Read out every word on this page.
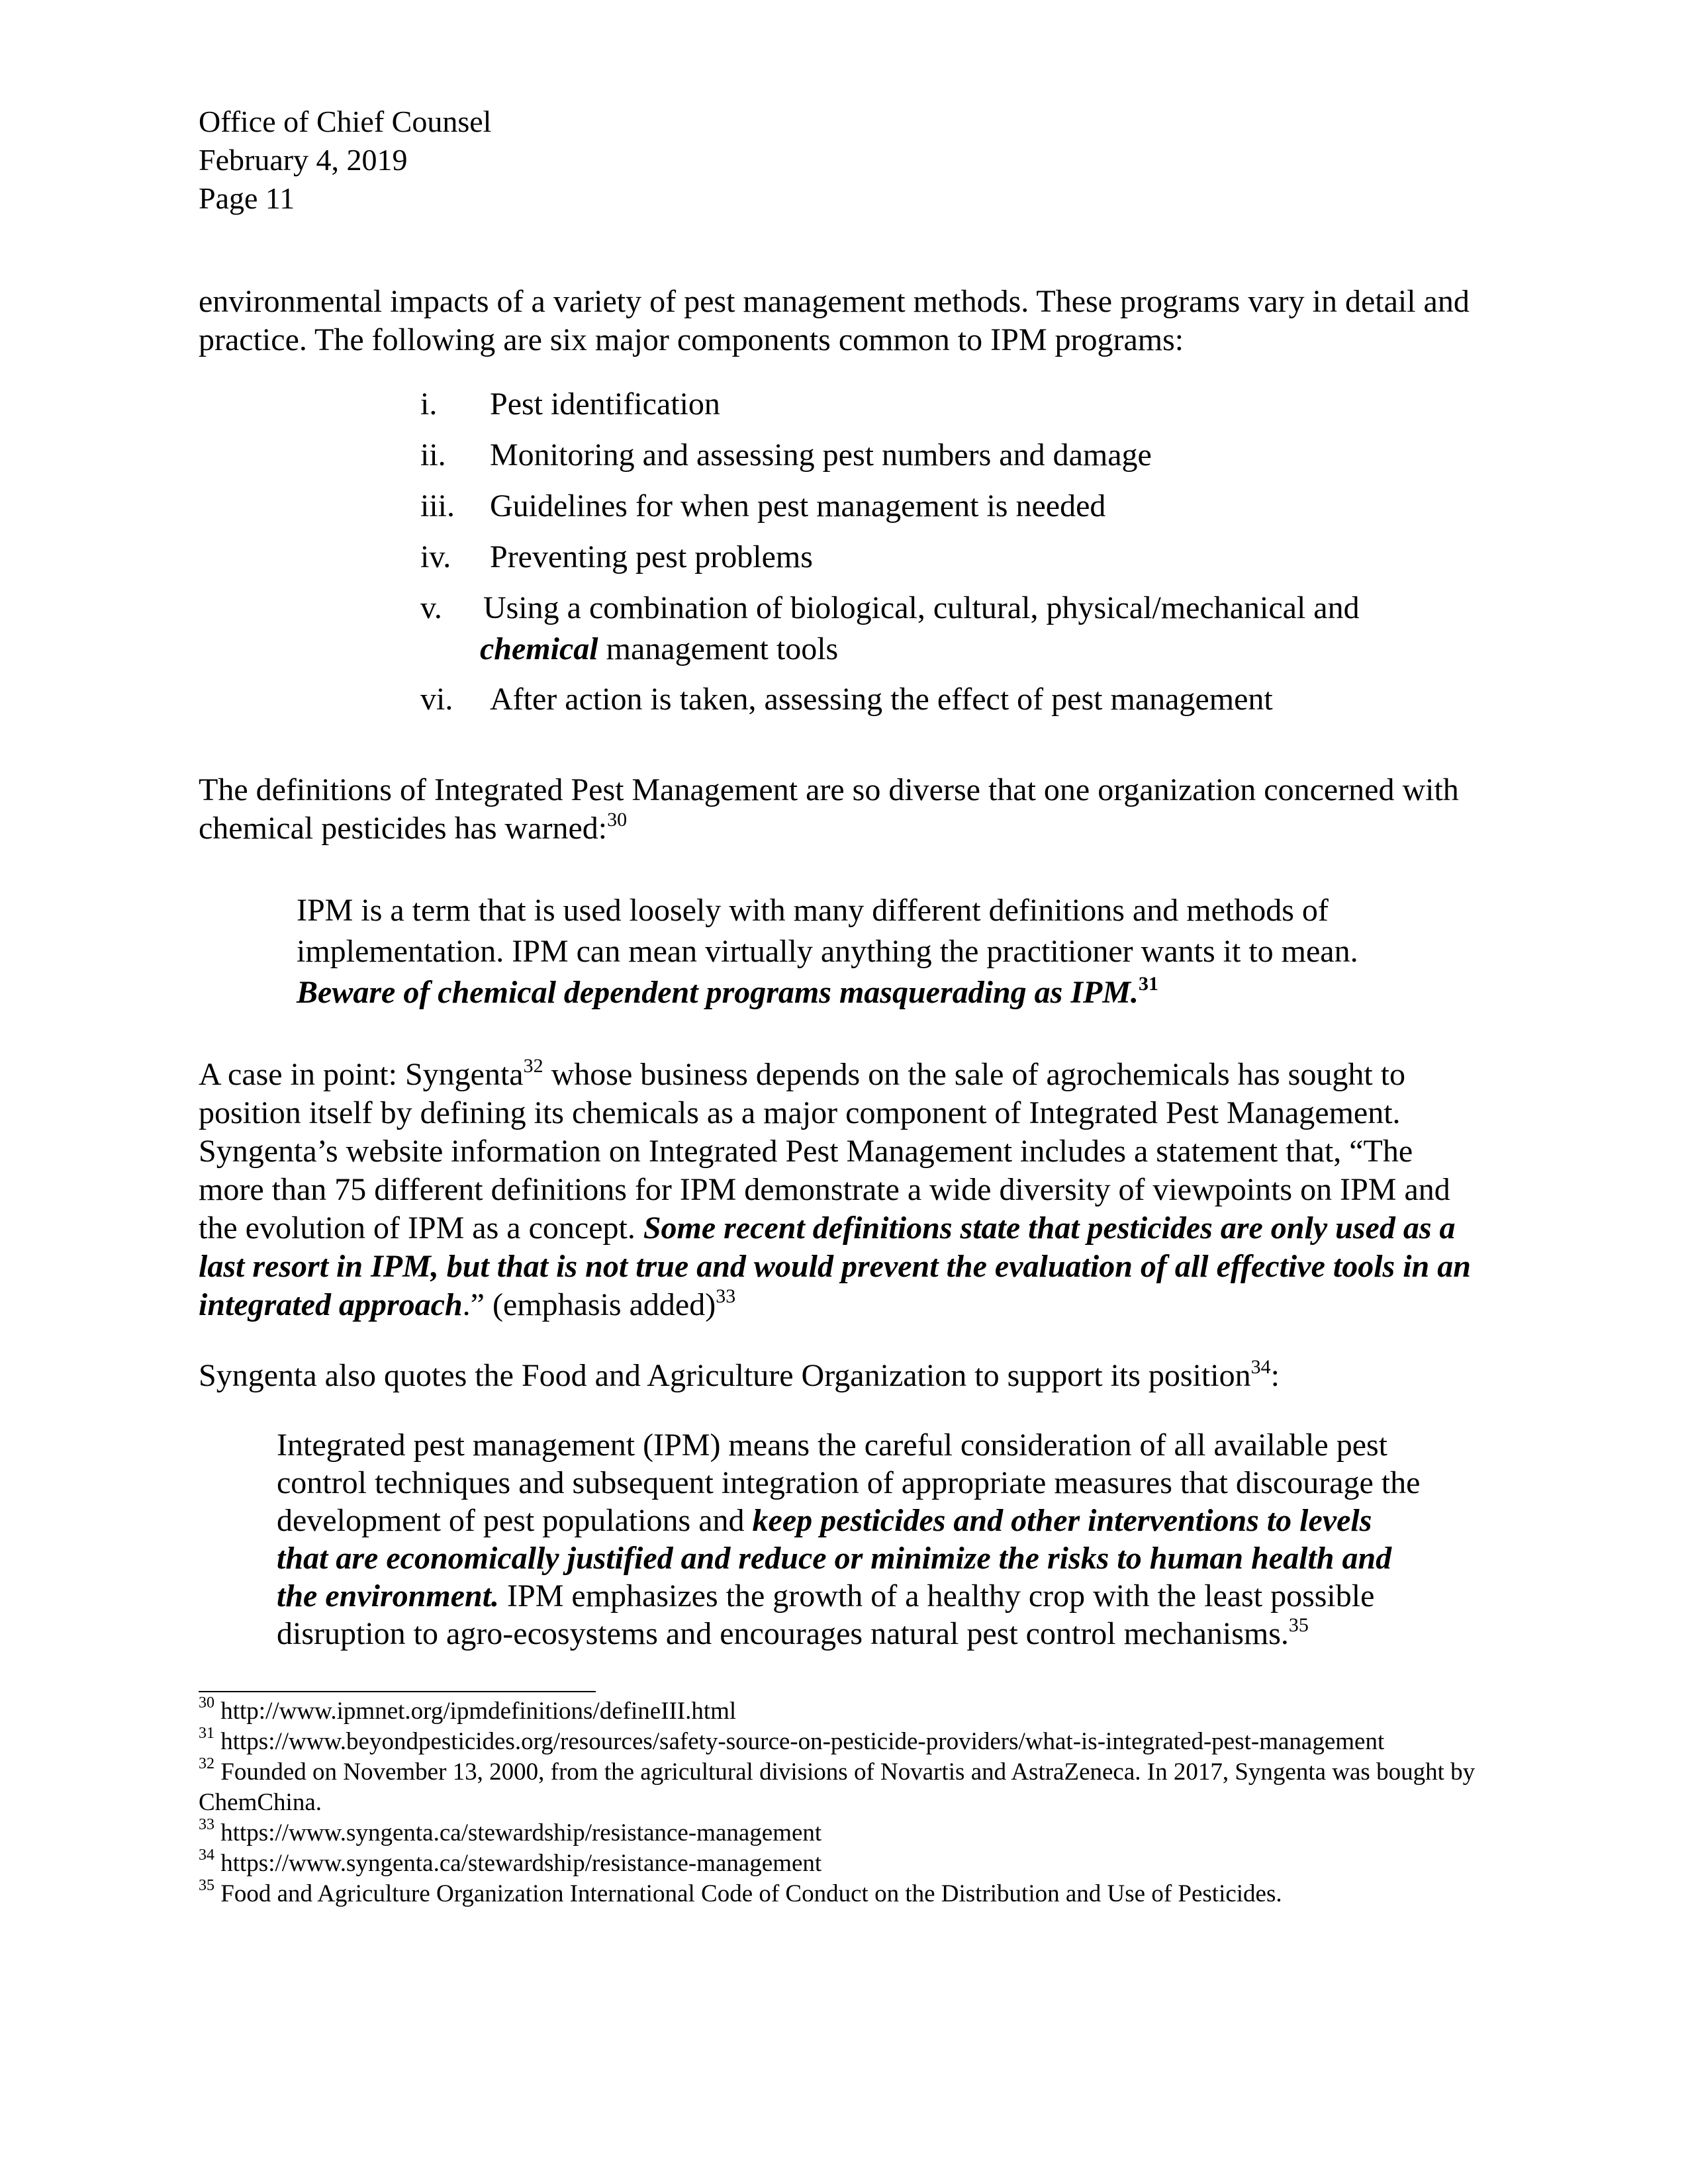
Office of Chief Counsel
February 4, 2019
Page 11

environmental impacts of a variety of pest management methods. These programs vary in detail and practice. The following are six major components common to IPM programs:

i. Pest identification
ii. Monitoring and assessing pest numbers and damage
iii. Guidelines for when pest management is needed
iv. Preventing pest problems
v. Using a combination of biological, cultural, physical/mechanical and
chemical management tools
vi. After action is taken, assessing the effect of pest management

The definitions of Integrated Pest Management are so diverse that one organization concerned with chemical pesticides has warned:$^{30}$

IPM is a term that is used loosely with many different definitions and methods of
implementation. IPM can mean virtually anything the practitioner wants it to mean.
Beware of chemical dependent programs masquerading as IPM.$^{31}$

A case in point: Syngenta$^{32}$ whose business depends on the sale of agrochemicals has sought to position itself by defining its chemicals as a major component of Integrated Pest Management. Syngenta’s website information on Integrated Pest Management includes a statement that, “The more than 75 different definitions for IPM demonstrate a wide diversity of viewpoints on IPM and the evolution of IPM as a concept. Some recent definitions state that pesticides are only used as a last resort in IPM, but that is not true and would prevent the evaluation of all effective tools in an integrated approach.” (emphasis added)$^{33}$

Syngenta also quotes the Food and Agriculture Organization to support its position$^{34}$:

Integrated pest management (IPM) means the careful consideration of all available pest control techniques and subsequent integration of appropriate measures that discourage the development of pest populations and keep pesticides and other interventions to levels that are economically justified and reduce or minimize the risks to human health and the environment. IPM emphasizes the growth of a healthy crop with the least possible disruption to agro-ecosystems and encourages natural pest control mechanisms.$^{35}$
$^{30}$ http://www.ipmnet.org/ipmdefinitions/defineIII.html
$^{31}$ https://www.beyondpesticides.org/resources/safety-source-on-pesticide-providers/what-is-integrated-pest-management
$^{32}$ Founded on November 13, 2000, from the agricultural divisions of Novartis and AstraZeneca. In 2017, Syngenta was bought by ChemChina.
$^{33}$ https://www.syngenta.ca/stewardship/resistance-management
$^{34}$ https://www.syngenta.ca/stewardship/resistance-management
$^{35}$ Food and Agriculture Organization International Code of Conduct on the Distribution and Use of Pesticides.
